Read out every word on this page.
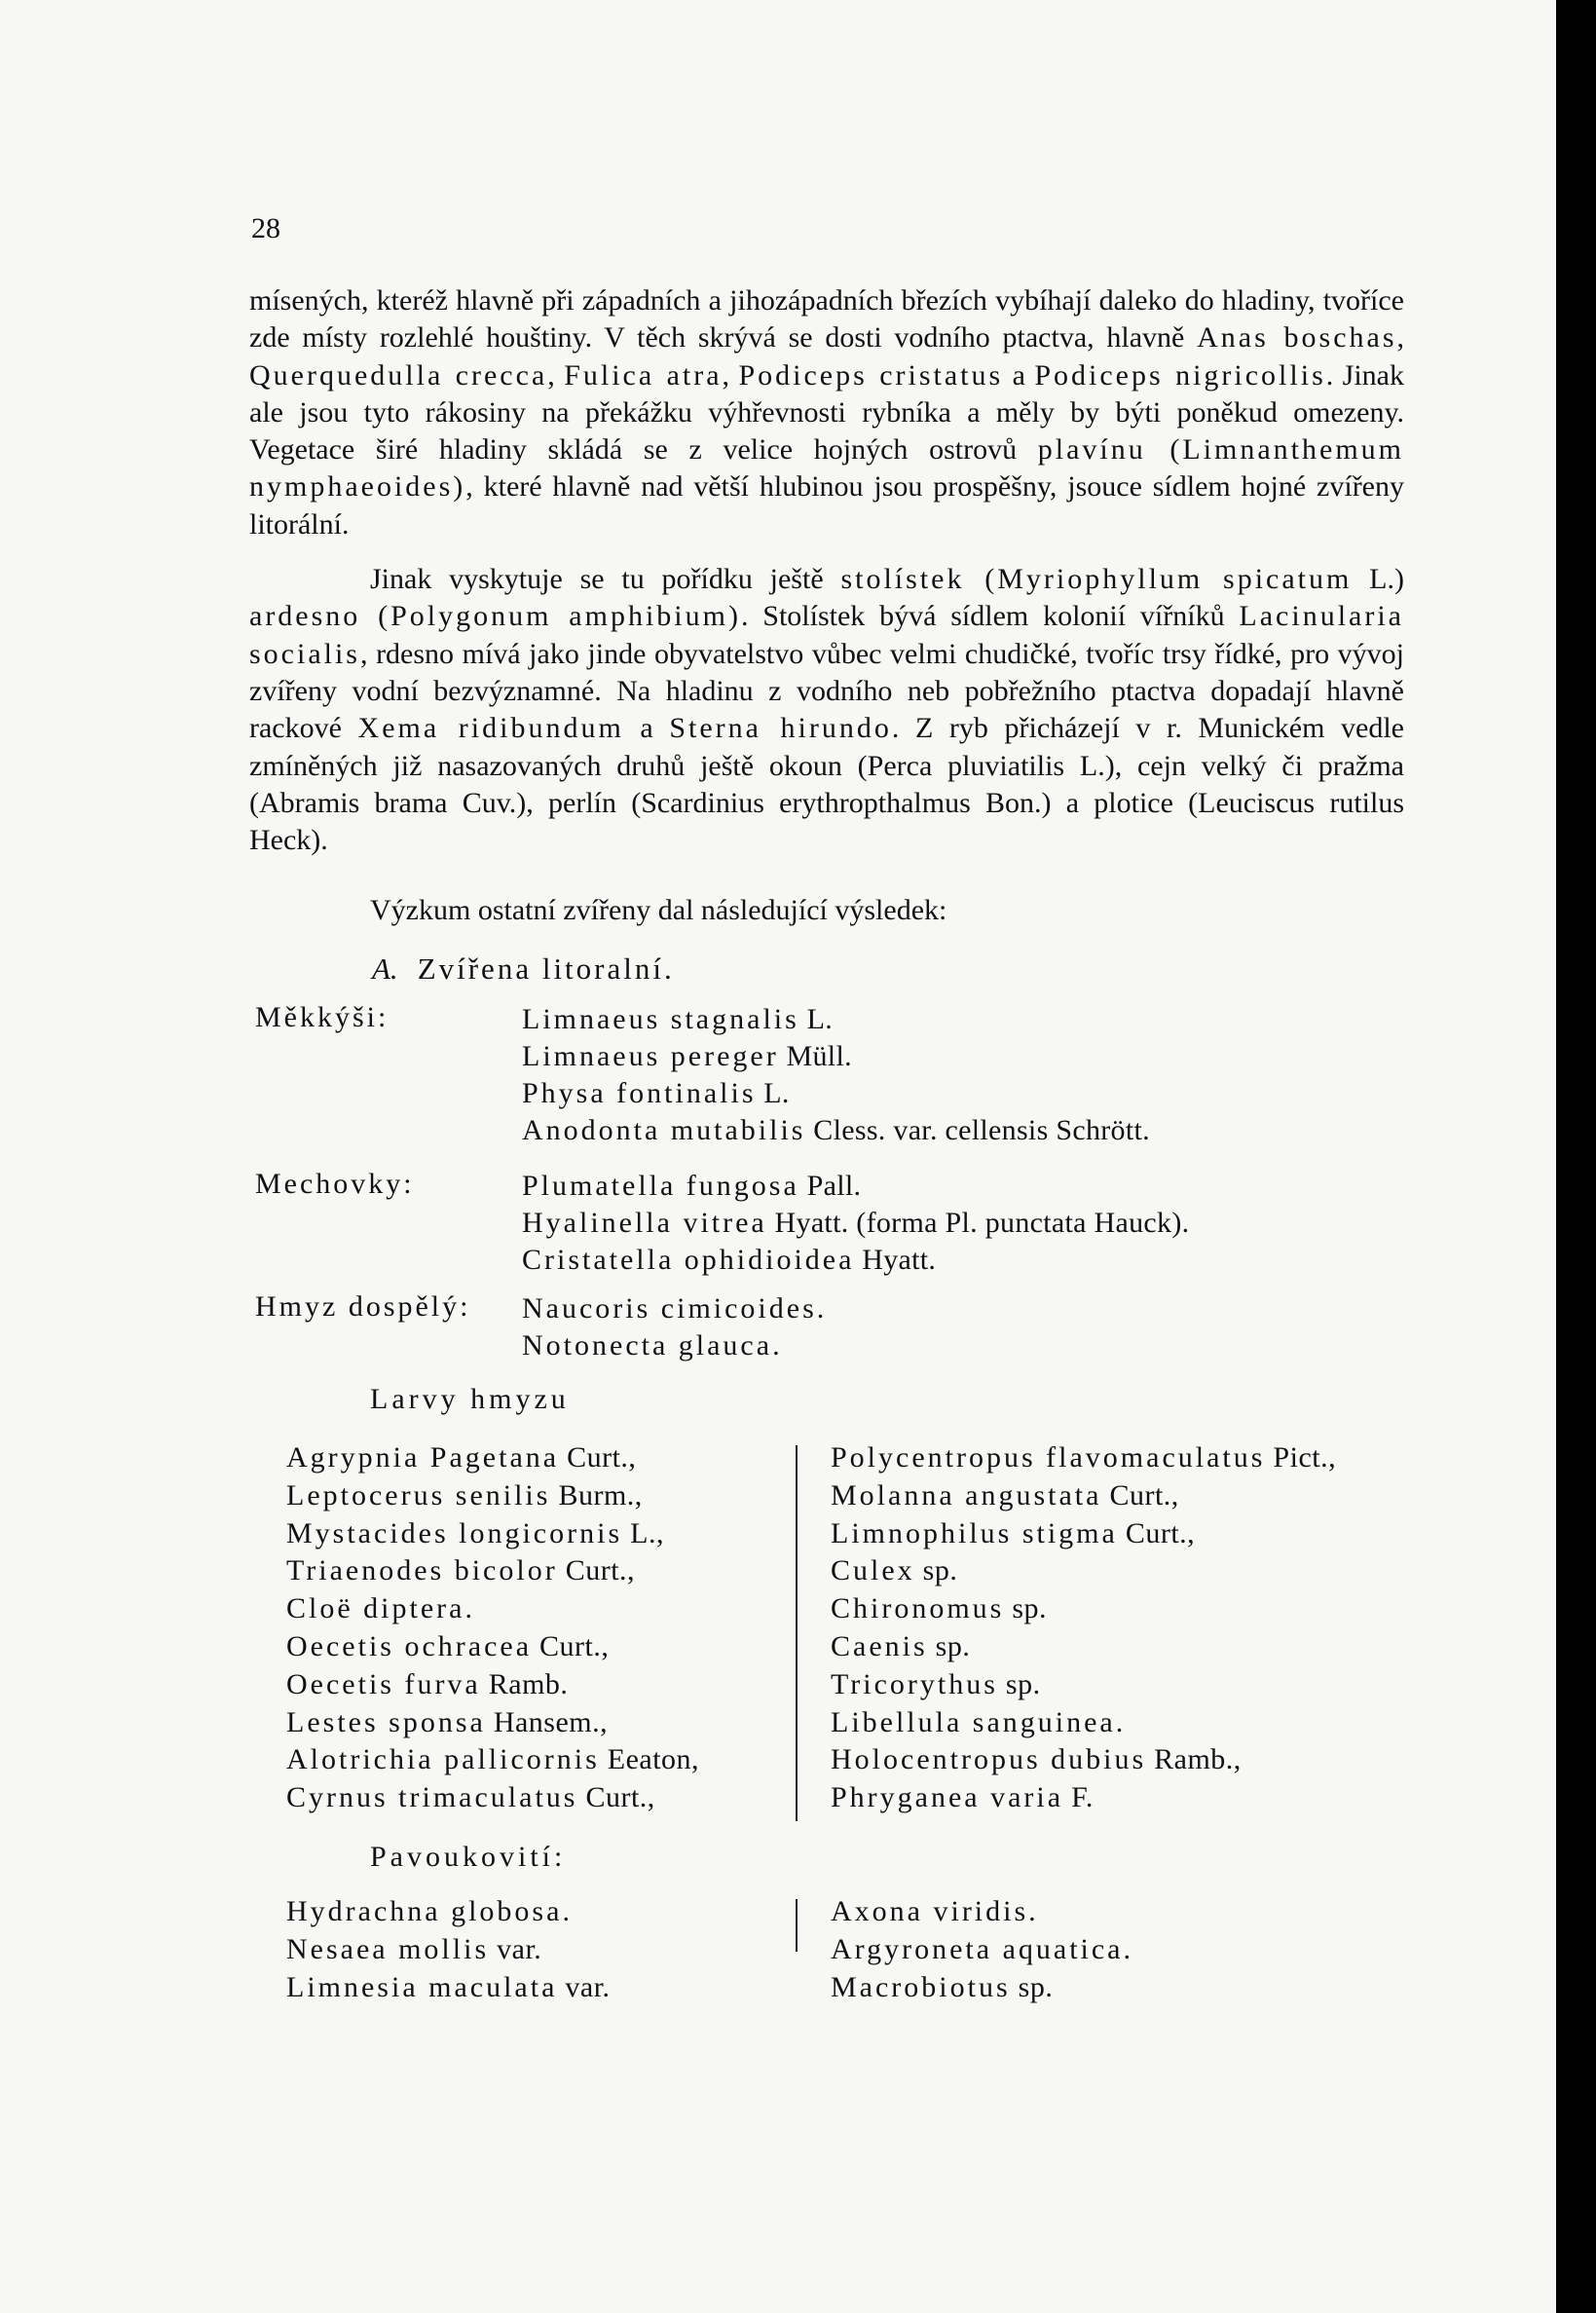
28

mísených, kteréž hlavně při západních a jihozápadních březích vybíhají daleko do hladiny, tvoříce zde místy rozlehlé houštiny. V těch skrývá se dosti vodního ptactva, hlavně Anas boschas, Querquedulla crecca, Fulica atra, Podiceps cristatus a Podiceps nigricollis. Jinak ale jsou tyto rákosiny na překážku výhřevnosti rybníka a měly by býti poněkud omezeny. Vegetace širé hladiny skládá se z velice hojných ostrovů plavínu (Limnanthemum nymphaeoides), které hlavně nad větší hlubinou jsou prospěšny, jsouce sídlem hojné zvířeny litorální.

Jinak vyskytuje se tu pořídku ještě stolístek (Myriophyllum spicatum L.) ardesno (Polygonum amphibium). Stolístek bývá sídlem kolonií vířníků Lacinularia socialis, rdesno mívá jako jinde obyvatelstvo vůbec velmi chudičké, tvoříc trsy řídké, pro vývoj zvířeny vodní bezvýznamné. Na hladinu z vodního neb pobřežního ptactva dopadají hlavně rackové Xema ridibundum a Sterna hirundo. Z ryb přicházejí v r. Munickém vedle zmíněných již nasazovaných druhů ještě okoun (Perca pluviatilis L.), cejn velký či pražma (Abramis brama Cuv.), perlín (Scardinius erythropthalmus Bon.) a plotice (Leuciscus rutilus Heck).

Výzkum ostatní zvířeny dal následující výsledek:
A. Zvířena litoralní.
Měkkýši:	Limnaeus stagnalis L.
Limnaeus pereger Müll.
Physa fontinalis L.
Anodonta mutabilis Cless. var. cellensis Schrött.
Mechovky:	Plumatella fungosa Pall.
Hyalinella vitrea Hyatt. (forma Pl. punctata Hauck).
Cristatella ophidioidea Hyatt.
Hmyz dospělý: Naucoris cimicoides.
Notonecta glauca.
Larvy hmyzu
Agrypnia Pagetana Curt.,
Leptocerus senilis Burm.,
Mystacides longicornis L.,
Triaenodes bicolor Curt.,
Cloë diptera.
Oecetis ochracea Curt.,
Oecetis furva Ramb.
Lestes sponsa Hansem.,
Alotrichia pallicornis Eeaton,
Cyrnus trimaculatus Curt.,
Polycentropus flavomaculatus Pict.,
Molanna angustata Curt.,
Limnophilus stigma Curt.,
Culex sp.
Chironomus sp.
Caenis sp.
Tricorythus sp.
Libellula sanguinea.
Holocentropus dubius Ramb.,
Phryganea varia F.
Pavoukovití:
Hydrachna globosa.
Nesaea mollis var.
Limnesia maculata var.
Axona viridis.
Argyroneta aquatica.
Macrobiotus sp.
